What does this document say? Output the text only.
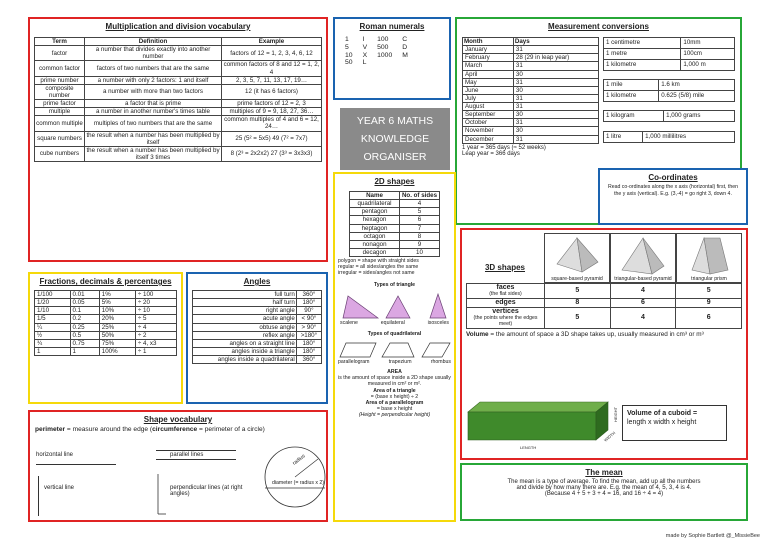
Multiplication and division vocabulary
Term	Definition	Example
factor	a number that divides exactly into another number	factors of 12 = 1, 2, 3, 4, 6, 12
common factor	factors of two numbers that are the same	common factors of 8 and 12 = 1, 2, 4
prime number	a number with only 2 factors: 1 and itself	2, 3, 5, 7, 11, 13, 17, 19…
composite number	a number with more than two factors	12 (it has 6 factors)
prime factor	a factor that is prime	prime factors of 12 = 2, 3
multiple	a number in another number's times table	multiples of 9 = 9, 18, 27, 36…
common multiple	multiples of two numbers that are the same	common multiples of 4 and 6 = 12, 24…
square numbers	the result when a number has been multiplied by itself	25 (5² = 5x5) 49 (7² = 7x7)
cube numbers	the result when a number has been multiplied by itself 3 times	8 (2³ = 2x2x2) 27 (3³ = 3x3x3)
Roman numerals
1	I	100	C
5	V	500	D
10	X	1000	M
50	L		
YEAR 6 MATHS
KNOWLEDGE
ORGANISER
Measurement conversions
Month	Days
January	31
February	28 (29 in leap year)
March	31
April	30
May	31
June	30
July	31
August	31
September	30
October	31
November	30
December	31
1 year = 365 days (≈ 52 weeks)
Leap year = 366 days
1 centimetre	10mm
1 metre	100cm
1 kilometre	1,000 m
1 mile	1.6 km
1 kilometre	0.625 (5/8) mile
1 kilogram	1,000 grams
1 litre	1,000 millilitres
Co-ordinates
Read co-ordinates along the x axis (horizontal) first, then the y axis (vertical). E.g. (3,-4) = go right 3, down 4.
2D shapes
Name	No. of sides
quadrilateral	4
pentagon	5
hexagon	6
heptagon	7
octagon	8
nonagon	9
decagon	10
polygon = shape with straight sides
regular = all sides/angles the same
irregular = sides/angles not same
Types of triangle
scalene	equilateral	isosceles
Types of quadrilateral
parallelogram	trapezium	rhombus
AREA
is the amount of space inside a 2D shape usually measured in cm² or m².
Area of a triangle
= (base x height) ÷ 2
Area of a parallelogram
= base x height
(Height = perpendicular height)
Fractions, decimals & percentages
1/100	0.01	1%	÷ 100
1/20	0.05	5%	÷ 20
1/10	0.1	10%	÷ 10
1/5	0.2	20%	÷ 5
¼	0.25	25%	÷ 4
½	0.5	50%	÷ 2
¾	0.75	75%	÷ 4, x3
1	1	100%	÷ 1
Angles
full turn	360°
half turn	180°
right angle	90°
acute angle	< 90°
obtuse angle	> 90°
reflex angle	>180°
angles on a straight line	180°
angles inside a triangle	180°
angles inside a quadrilateral	360°
Shape vocabulary
perimeter = measure around the edge (circumference = perimeter of a circle)
horizontal line	parallel lines
vertical line	perpendicular lines (at right angles)
radius
diameter (= radius x 2)
3D shapes
square-based pyramid	triangular-based pyramid	triangular prism
faces
(the flat sides)	5	4	5

edges	8	6	9

vertices
(the points where the edges meet)	5	4	6
Volume = the amount of space a 3D shape takes up, usually measured in cm³ or m³
LENGTH
WIDTH
HEIGHT Volume of a cuboid =
length x width x height
The mean
The mean is a type of average. To find the mean, add up all the numbers
and divide by how many there are. E.g. the mean of 4, 5, 3, 4 is 4.
(Because 4 + 5 + 3 + 4 = 16, and 16 ÷ 4 = 4)
made by Sophie Bartlett @_MissieBee
